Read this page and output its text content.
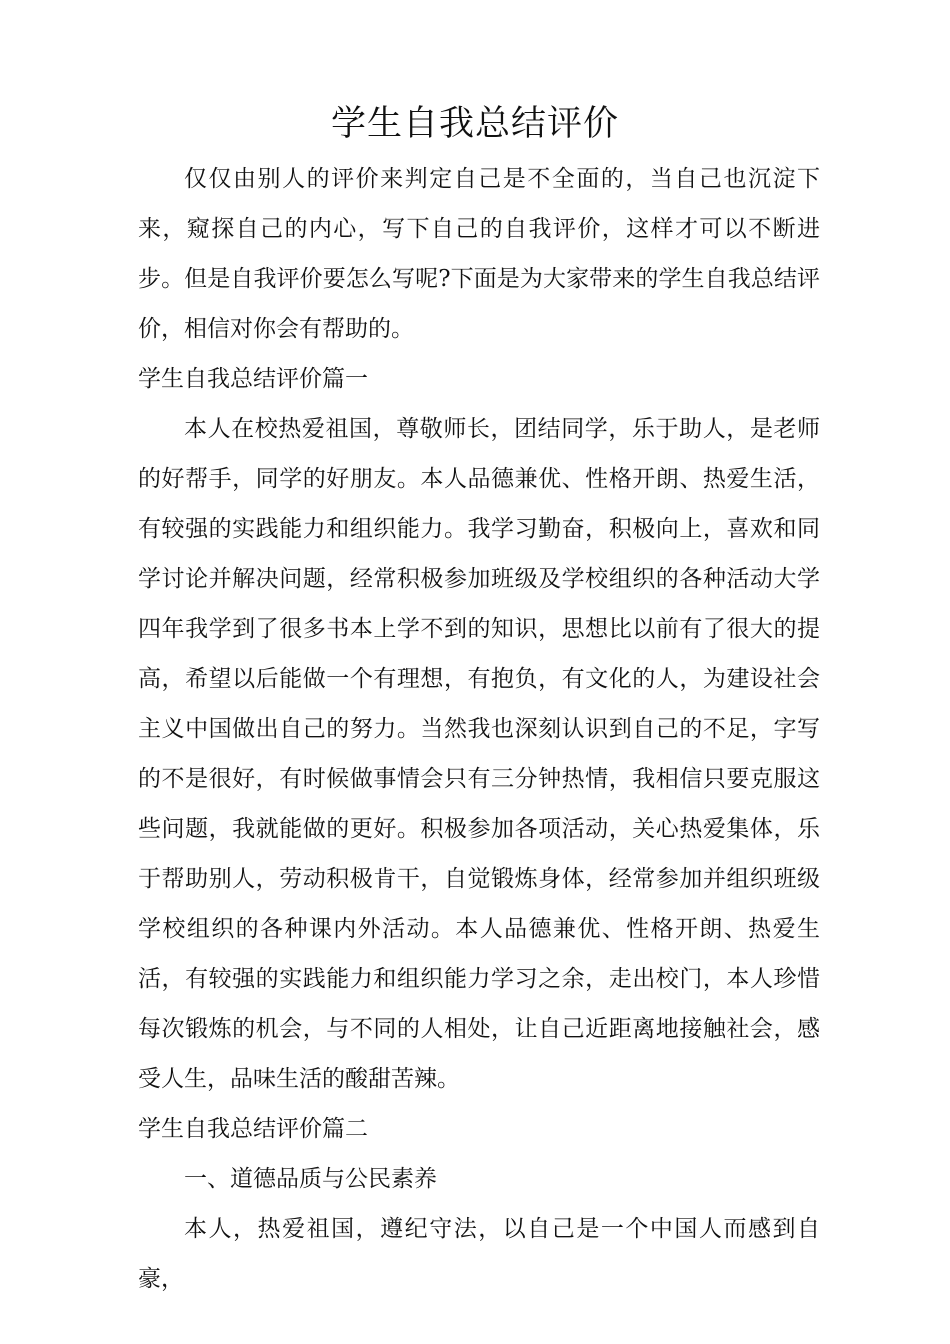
学生自我总结评价

仅仅由别人的评价来判定自己是不全面的，当自己也沉淀下来，窥探自己的内心，写下自己的自我评价，这样才可以不断进步。但是自我评价要怎么写呢?下面是为大家带来的学生自我总结评价，相信对你会有帮助的。

学生自我总结评价篇一

本人在校热爱祖国，尊敬师长，团结同学，乐于助人，是老师的好帮手，同学的好朋友。本人品德兼优、性格开朗、热爱生活，有较强的实践能力和组织能力。我学习勤奋，积极向上，喜欢和同学讨论并解决问题，经常积极参加班级及学校组织的各种活动大学四年我学到了很多书本上学不到的知识，思想比以前有了很大的提高，希望以后能做一个有理想，有抱负，有文化的人，为建设社会主义中国做出自己的努力。当然我也深刻认识到自己的不足，字写的不是很好，有时候做事情会只有三分钟热情，我相信只要克服这些问题，我就能做的更好。积极参加各项活动，关心热爱集体，乐于帮助别人，劳动积极肯干，自觉锻炼身体，经常参加并组织班级学校组织的各种课内外活动。本人品德兼优、性格开朗、热爱生活，有较强的实践能力和组织能力学习之余，走出校门，本人珍惜每次锻炼的机会，与不同的人相处，让自己近距离地接触社会，感受人生，品味生活的酸甜苦辣。

学生自我总结评价篇二

一、道德品质与公民素养

本人，热爱祖国，遵纪守法，以自己是一个中国人而感到自豪，
